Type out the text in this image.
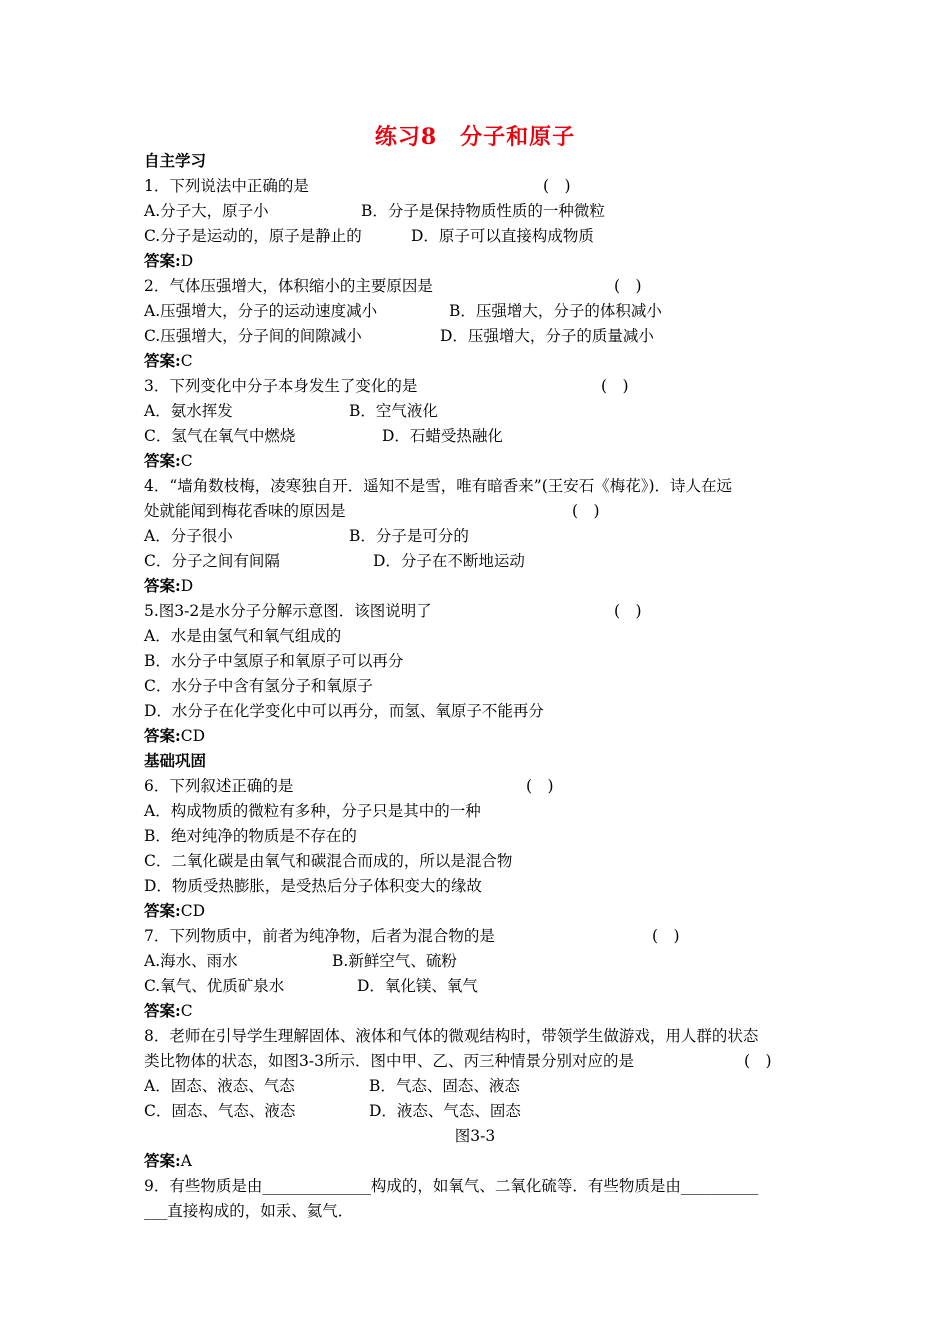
练习8　分子和原子
自主学习
1．下列说法中正确的是	(　)
A.分子大，原子小	B．分子是保持物质性质的一种微粒
C.分子是运动的，原子是静止的	D．原子可以直接构成物质
答案:D
2．气体压强增大，体积缩小的主要原因是	(　)
A.压强增大，分子的运动速度减小	B．压强增大，分子的体积减小
C.压强增大，分子间的间隙减小	D．压强增大，分子的质量减小
答案:C
3．下列变化中分子本身发生了变化的是	(　)
A．氨水挥发	B．空气液化
C．氢气在氧气中燃烧	D．石蜡受热融化
答案:C
4．“墙角数枝梅，凌寒独自开．遥知不是雪，唯有暗香来”(王安石《梅花》)．诗人在远
处就能闻到梅花香味的原因是	(　)
A．分子很小	B．分子是可分的
C．分子之间有间隔	D．分子在不断地运动
答案:D
5.图3-2是水分子分解示意图．该图说明了	(　)
A．水是由氢气和氧气组成的
B．水分子中氢原子和氧原子可以再分
C．水分子中含有氢分子和氧原子
D．水分子在化学变化中可以再分，而氢、氧原子不能再分
答案:CD
基础巩固
6．下列叙述正确的是	(　)
A．构成物质的微粒有多种，分子只是其中的一种
B．绝对纯净的物质是不存在的
C．二氧化碳是由氧气和碳混合而成的，所以是混合物
D．物质受热膨胀，是受热后分子体积变大的缘故
答案:CD
7．下列物质中，前者为纯净物，后者为混合物的是	(　)
A.海水、雨水	B.新鲜空气、硫粉
C.氧气、优质矿泉水	D．氧化镁、氧气
答案:C
8．老师在引导学生理解固体、液体和气体的微观结构时，带领学生做游戏，用人群的状态
类比物体的状态，如图3-3所示．图中甲、乙、丙三种情景分别对应的是	(　)
A．固态、液态、气态	B．气态、固态、液态
C．固态、气态、液态	D．液态、气态、固态
图3-3
答案:A
9．有些物质是由______________构成的，如氧气、二氧化硫等．有些物质是由__________
___直接构成的，如汞、氦气．
